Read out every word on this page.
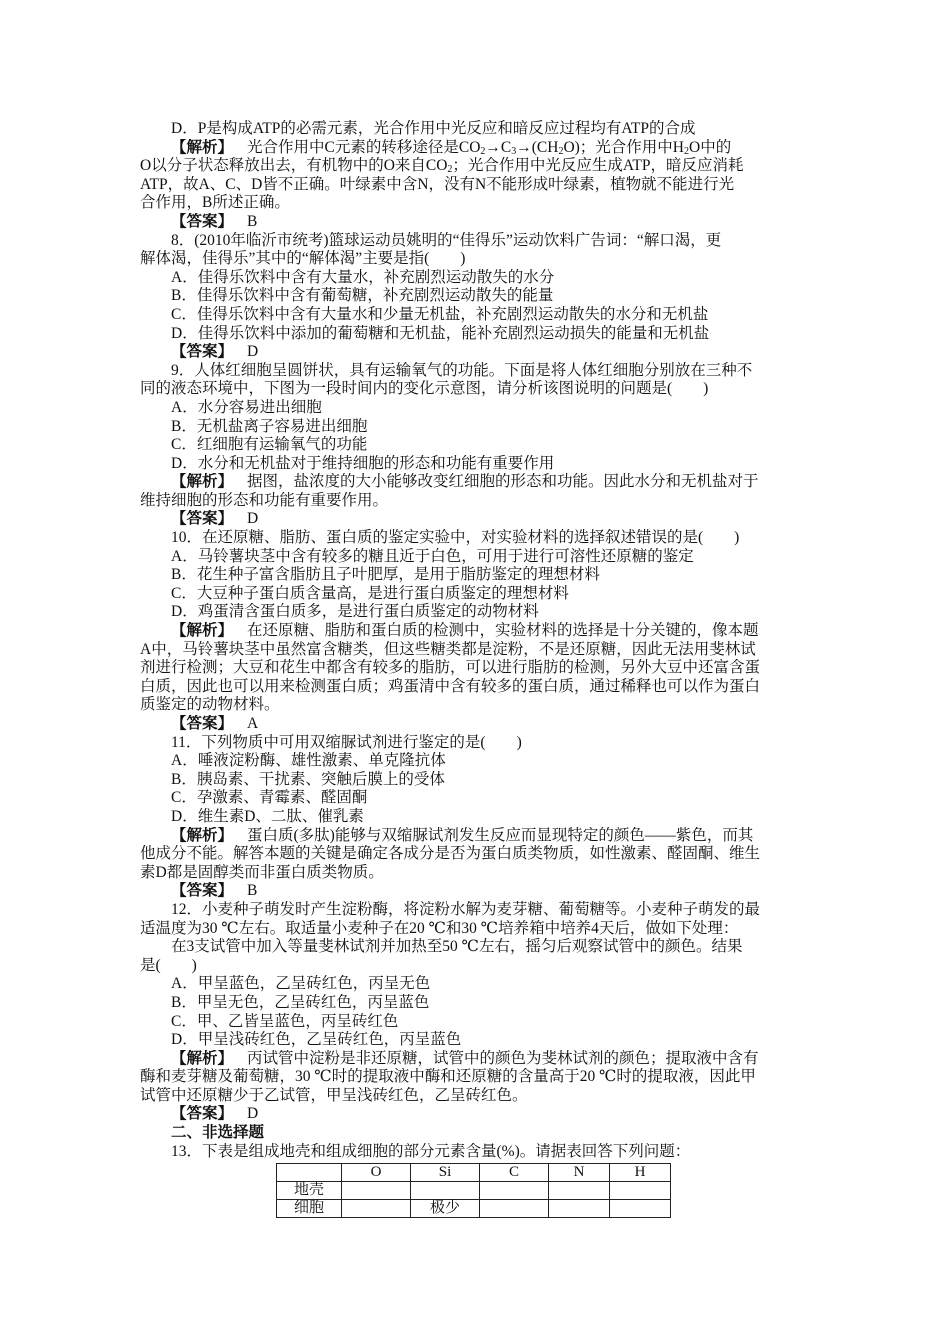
D．P是构成ATP的必需元素，光合作用中光反应和暗反应过程均有ATP的合成
【解析】 光合作用中C元素的转移途径是$CO_2\to C_3\to(CH_2O)$；光合作用中$H_2O$中的
O以分子状态释放出去，有机物中的O来自$CO_2$；光合作用中光反应生成ATP，暗反应消耗
ATP，故A、C、D皆不正确。叶绿素中含N，没有N不能形成叶绿素，植物就不能进行光
合作用，B所述正确。
【答案】 B
8．(2010年临沂市统考)篮球运动员姚明的“佳得乐”运动饮料广告词：“解口渴，更
解体渴，佳得乐”其中的“解体渴”主要是指(　　)
A．佳得乐饮料中含有大量水，补充剧烈运动散失的水分
B．佳得乐饮料中含有葡萄糖，补充剧烈运动散失的能量
C．佳得乐饮料中含有大量水和少量无机盐，补充剧烈运动散失的水分和无机盐
D．佳得乐饮料中添加的葡萄糖和无机盐，能补充剧烈运动损失的能量和无机盐
【答案】 D
9．人体红细胞呈圆饼状，具有运输氧气的功能。下面是将人体红细胞分别放在三种不
同的液态环境中，下图为一段时间内的变化示意图，请分析该图说明的问题是(　　)
A．水分容易进出细胞
B．无机盐离子容易进出细胞
C．红细胞有运输氧气的功能
D．水分和无机盐对于维持细胞的形态和功能有重要作用
【解析】 据图，盐浓度的大小能够改变红细胞的形态和功能。因此水分和无机盐对于
维持细胞的形态和功能有重要作用。
【答案】 D
10．在还原糖、脂肪、蛋白质的鉴定实验中，对实验材料的选择叙述错误的是(　　)
A．马铃薯块茎中含有较多的糖且近于白色，可用于进行可溶性还原糖的鉴定
B．花生种子富含脂肪且子叶肥厚，是用于脂肪鉴定的理想材料
C．大豆种子蛋白质含量高，是进行蛋白质鉴定的理想材料
D．鸡蛋清含蛋白质多，是进行蛋白质鉴定的动物材料
【解析】 在还原糖、脂肪和蛋白质的检测中，实验材料的选择是十分关键的，像本题
A中，马铃薯块茎中虽然富含糖类，但这些糖类都是淀粉，不是还原糖，因此无法用斐林试
剂进行检测；大豆和花生中都含有较多的脂肪，可以进行脂肪的检测，另外大豆中还富含蛋
白质，因此也可以用来检测蛋白质；鸡蛋清中含有较多的蛋白质，通过稀释也可以作为蛋白
质鉴定的动物材料。
【答案】 A
11．下列物质中可用双缩脲试剂进行鉴定的是(　　)
A．唾液淀粉酶、雄性激素、单克隆抗体
B．胰岛素、干扰素、突触后膜上的受体
C．孕激素、青霉素、醛固酮
D．维生素D、二肽、催乳素
【解析】 蛋白质(多肽)能够与双缩脲试剂发生反应而显现特定的颜色——紫色，而其
他成分不能。解答本题的关键是确定各成分是否为蛋白质类物质，如性激素、醛固酮、维生
素D都是固醇类而非蛋白质类物质。
【答案】 B
12．小麦种子萌发时产生淀粉酶，将淀粉水解为麦芽糖、葡萄糖等。小麦种子萌发的最
适温度为30 ℃左右。取适量小麦种子在20 ℃和30 ℃培养箱中培养4天后，做如下处理：
在3支试管中加入等量斐林试剂并加热至50 ℃左右，摇匀后观察试管中的颜色。结果
是(　　)
A．甲呈蓝色，乙呈砖红色，丙呈无色
B．甲呈无色，乙呈砖红色，丙呈蓝色
C．甲、乙皆呈蓝色，丙呈砖红色
D．甲呈浅砖红色，乙呈砖红色，丙呈蓝色
【解析】 丙试管中淀粉是非还原糖，试管中的颜色为斐林试剂的颜色；提取液中含有
酶和麦芽糖及葡萄糖，30 ℃时的提取液中酶和还原糖的含量高于20 ℃时的提取液，因此甲
试管中还原糖少于乙试管，甲呈浅砖红色，乙呈砖红色。
【答案】 D
二、非选择题
13．下表是组成地壳和组成细胞的部分元素含量(%)。请据表回答下列问题：
	O	Si	C	N	H
地壳					
细胞		极少			
